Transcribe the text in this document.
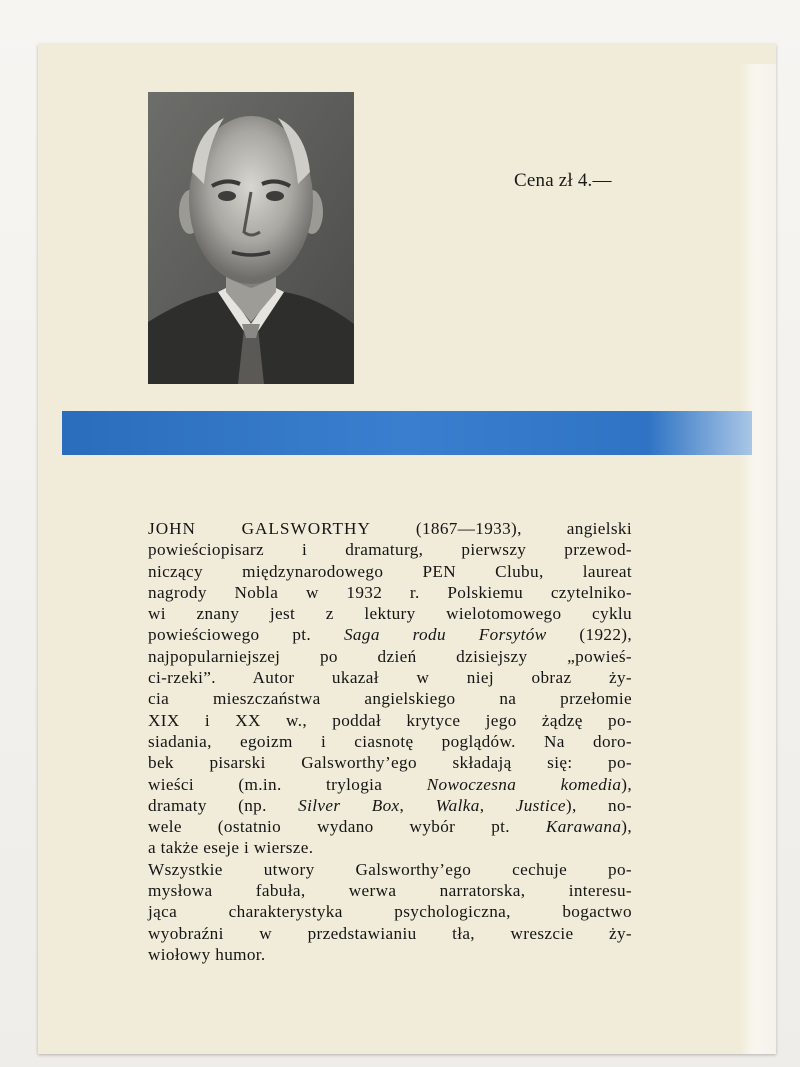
Cena zł 4.—

JOHN GALSWORTHY (1867—1933), angielski

powieściopisarz i dramaturg, pierwszy przewod-

niczący międzynarodowego PEN Clubu, laureat

nagrody Nobla w 1932 r. Polskiemu czytelniko-

wi znany jest z lektury wielotomowego cyklu

powieściowego pt. Saga rodu Forsytów (1922),

najpopularniejszej po dzień dzisiejszy „powieś-

ci-rzeki”. Autor ukazał w niej obraz ży-

cia mieszczaństwa angielskiego na przełomie

XIX i XX w., poddał krytyce jego żądzę po-

siadania, egoizm i ciasnotę poglądów. Na doro-

bek pisarski Galsworthy’ego składają się: po-

wieści (m.in. trylogia Nowoczesna komedia),

dramaty (np. Silver Box, Walka, Justice), no-

wele (ostatnio wydano wybór pt. Karawana),

a także eseje i wiersze.

Wszystkie utwory Galsworthy’ego cechuje po-

mysłowa fabuła, werwa narratorska, interesu-

jąca charakterystyka psychologiczna, bogactwo

wyobraźni w przedstawianiu tła, wreszcie ży-

wiołowy humor.
